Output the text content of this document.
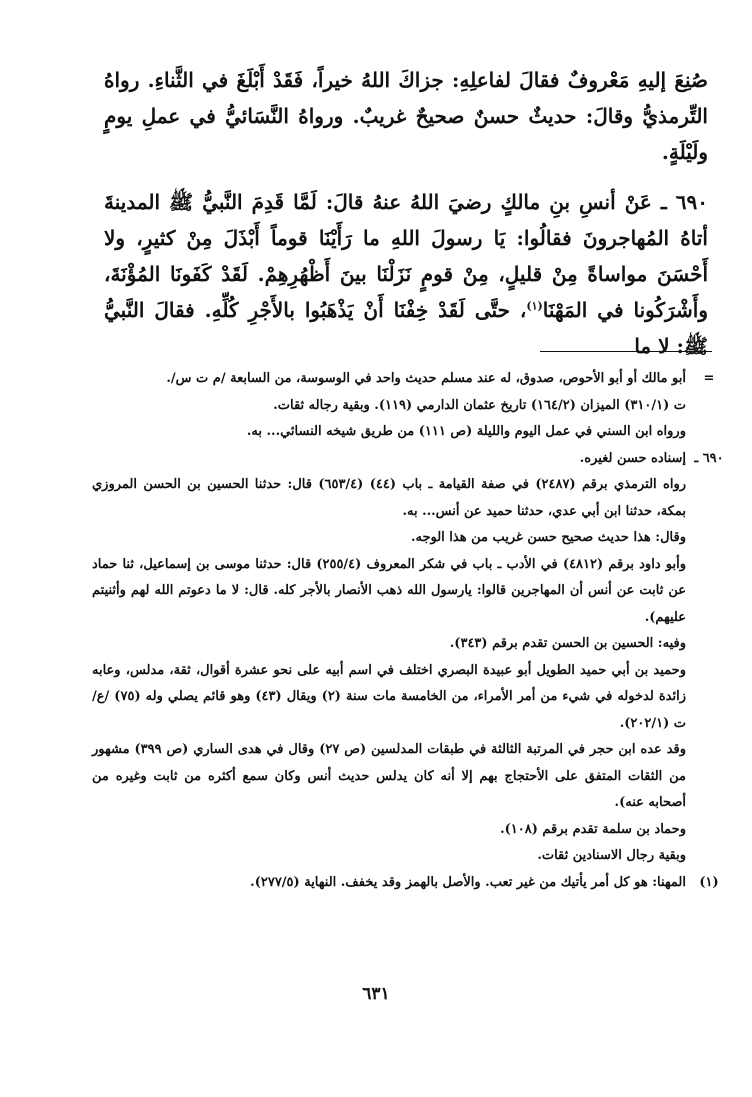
صُنِعَ إليهِ مَعْروفٌ فقالَ لفاعلِهِ: جزاكَ اللهُ خيراً، فَقَدْ أَبْلَغَ في الثَّناءِ. رواهُ التِّرمذيُّ وقالَ: حديثٌ حسنٌ صحيحٌ غريبٌ. ورواهُ النَّسَائيُّ في عملِ يومٍ ولَيْلَةٍ.

٦٩٠ ـ عَنْ أنسِ بنِ مالكٍ رضيَ اللهُ عنهُ قالَ: لَمَّا قَدِمَ النَّبيُّ ﷺ المدينةَ أتاهُ المُهاجرونَ فقالُوا: يَا رسولَ اللهِ ما رَأَيْنَا قوماً أَبْذَلَ مِنْ كثيرٍ، ولا أَحْسَنَ مواساةً مِنْ قليلٍ، مِنْ قومٍ نَزَلْنَا بينَ أَظْهُرِهِمْ. لَقَدْ كَفَونَا المُؤْنَةَ، وأَشْرَكُونا في المَهْنَا$^{(١)}$، حتَّى لَقَدْ خِفْنَا أَنْ يَذْهَبُوا بالأَجْرِ كُلِّهِ. فقالَ النَّبيُّ ﷺ: لا ما

=
أبو مالك أو أبو الأحوص، صدوق، له عند مسلم حديث واحد في الوسوسة، من السابعة /م ت س/.
ت (٣١٠/١) الميزان (١٦٤/٢) تاريخ عثمان الدارمي (١١٩). وبقية رجاله ثقات.
ورواه ابن السني في عمل اليوم والليلة (ص ١١١) من طريق شيخه النسائي... به.
٦٩٠ ـ
إسناده حسن لغيره.
رواه الترمذي برقم (٢٤٨٧) في صفة القيامة ـ باب (٤٤) (٦٥٣/٤) قال: حدثنا الحسين بن الحسن المروزي بمكة، حدثنا ابن أبي عدي، حدثنا حميد عن أنس... به.
وقال: هذا حديث صحيح حسن غريب من هذا الوجه.
وأبو داود برقم (٤٨١٢) في الأدب ـ باب في شكر المعروف (٢٥٥/٤) قال: حدثنا موسى بن إسماعيل، ثنا حماد عن ثابت عن أنس أن المهاجرين قالوا: يارسول الله ذهب الأنصار بالأجر كله. قال: لا ما دعوتم الله لهم وأثنيتم عليهم).
وفيه: الحسين بن الحسن تقدم برقم (٣٤٣).
وحميد بن أبي حميد الطويل أبو عبيدة البصري اختلف في اسم أبيه على نحو عشرة أقوال، ثقة، مدلس، وعابه زائدة لدخوله في شيء من أمر الأمراء، من الخامسة مات سنة (٢) ويقال (٤٣) وهو قائم يصلي وله (٧٥) /ع/ ت (٢٠٢/١).
وقد عده ابن حجر في المرتبة الثالثة في طبقات المدلسين (ص ٢٧) وقال في هدى الساري (ص ٣٩٩) مشهور من الثقات المتفق على الأحتجاج بهم إلا أنه كان يدلس حديث أنس وكان سمع أكثره من ثابت وغيره من أصحابه عنه).
وحماد بن سلمة تقدم برقم (١٠٨).
وبقية رجال الاسنادين ثقات.
(١)
المهنا: هو كل أمر يأتيك من غير تعب. والأصل بالهمز وقد يخفف. النهاية (٢٧٧/٥).
٦٣١
